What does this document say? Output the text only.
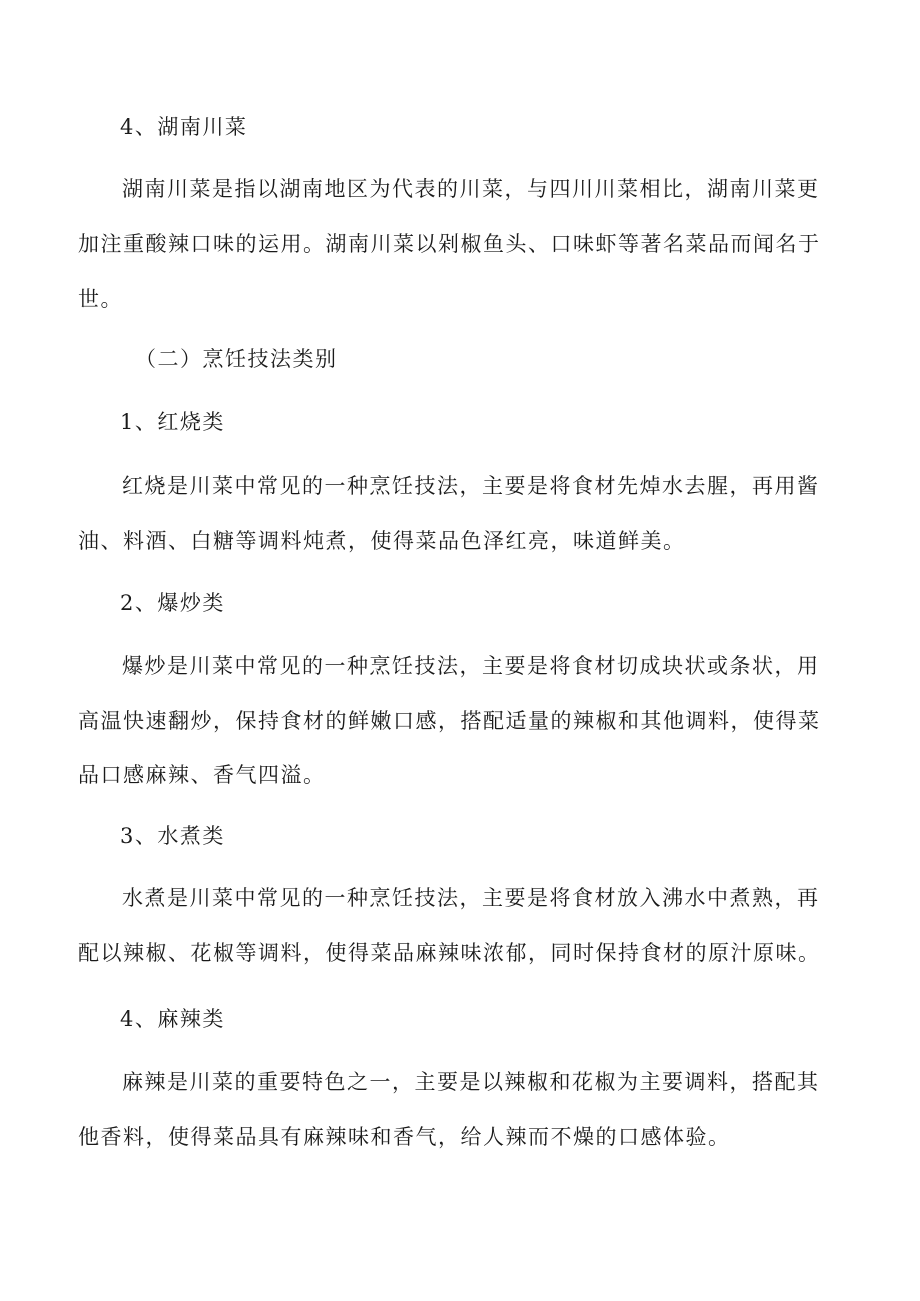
4、湖南川菜
湖南川菜是指以湖南地区为代表的川菜，与四川川菜相比，湖南川菜更
加注重酸辣口味的运用。湖南川菜以剁椒鱼头、口味虾等著名菜品而闻名于
世。
（二）烹饪技法类别
1、红烧类
红烧是川菜中常见的一种烹饪技法，主要是将食材先焯水去腥，再用酱
油、料酒、白糖等调料炖煮，使得菜品色泽红亮，味道鲜美。
2、爆炒类
爆炒是川菜中常见的一种烹饪技法，主要是将食材切成块状或条状，用
高温快速翻炒，保持食材的鲜嫩口感，搭配适量的辣椒和其他调料，使得菜
品口感麻辣、香气四溢。
3、水煮类
水煮是川菜中常见的一种烹饪技法，主要是将食材放入沸水中煮熟，再
配以辣椒、花椒等调料，使得菜品麻辣味浓郁，同时保持食材的原汁原味。
4、麻辣类
麻辣是川菜的重要特色之一，主要是以辣椒和花椒为主要调料，搭配其
他香料，使得菜品具有麻辣味和香气，给人辣而不燥的口感体验。
